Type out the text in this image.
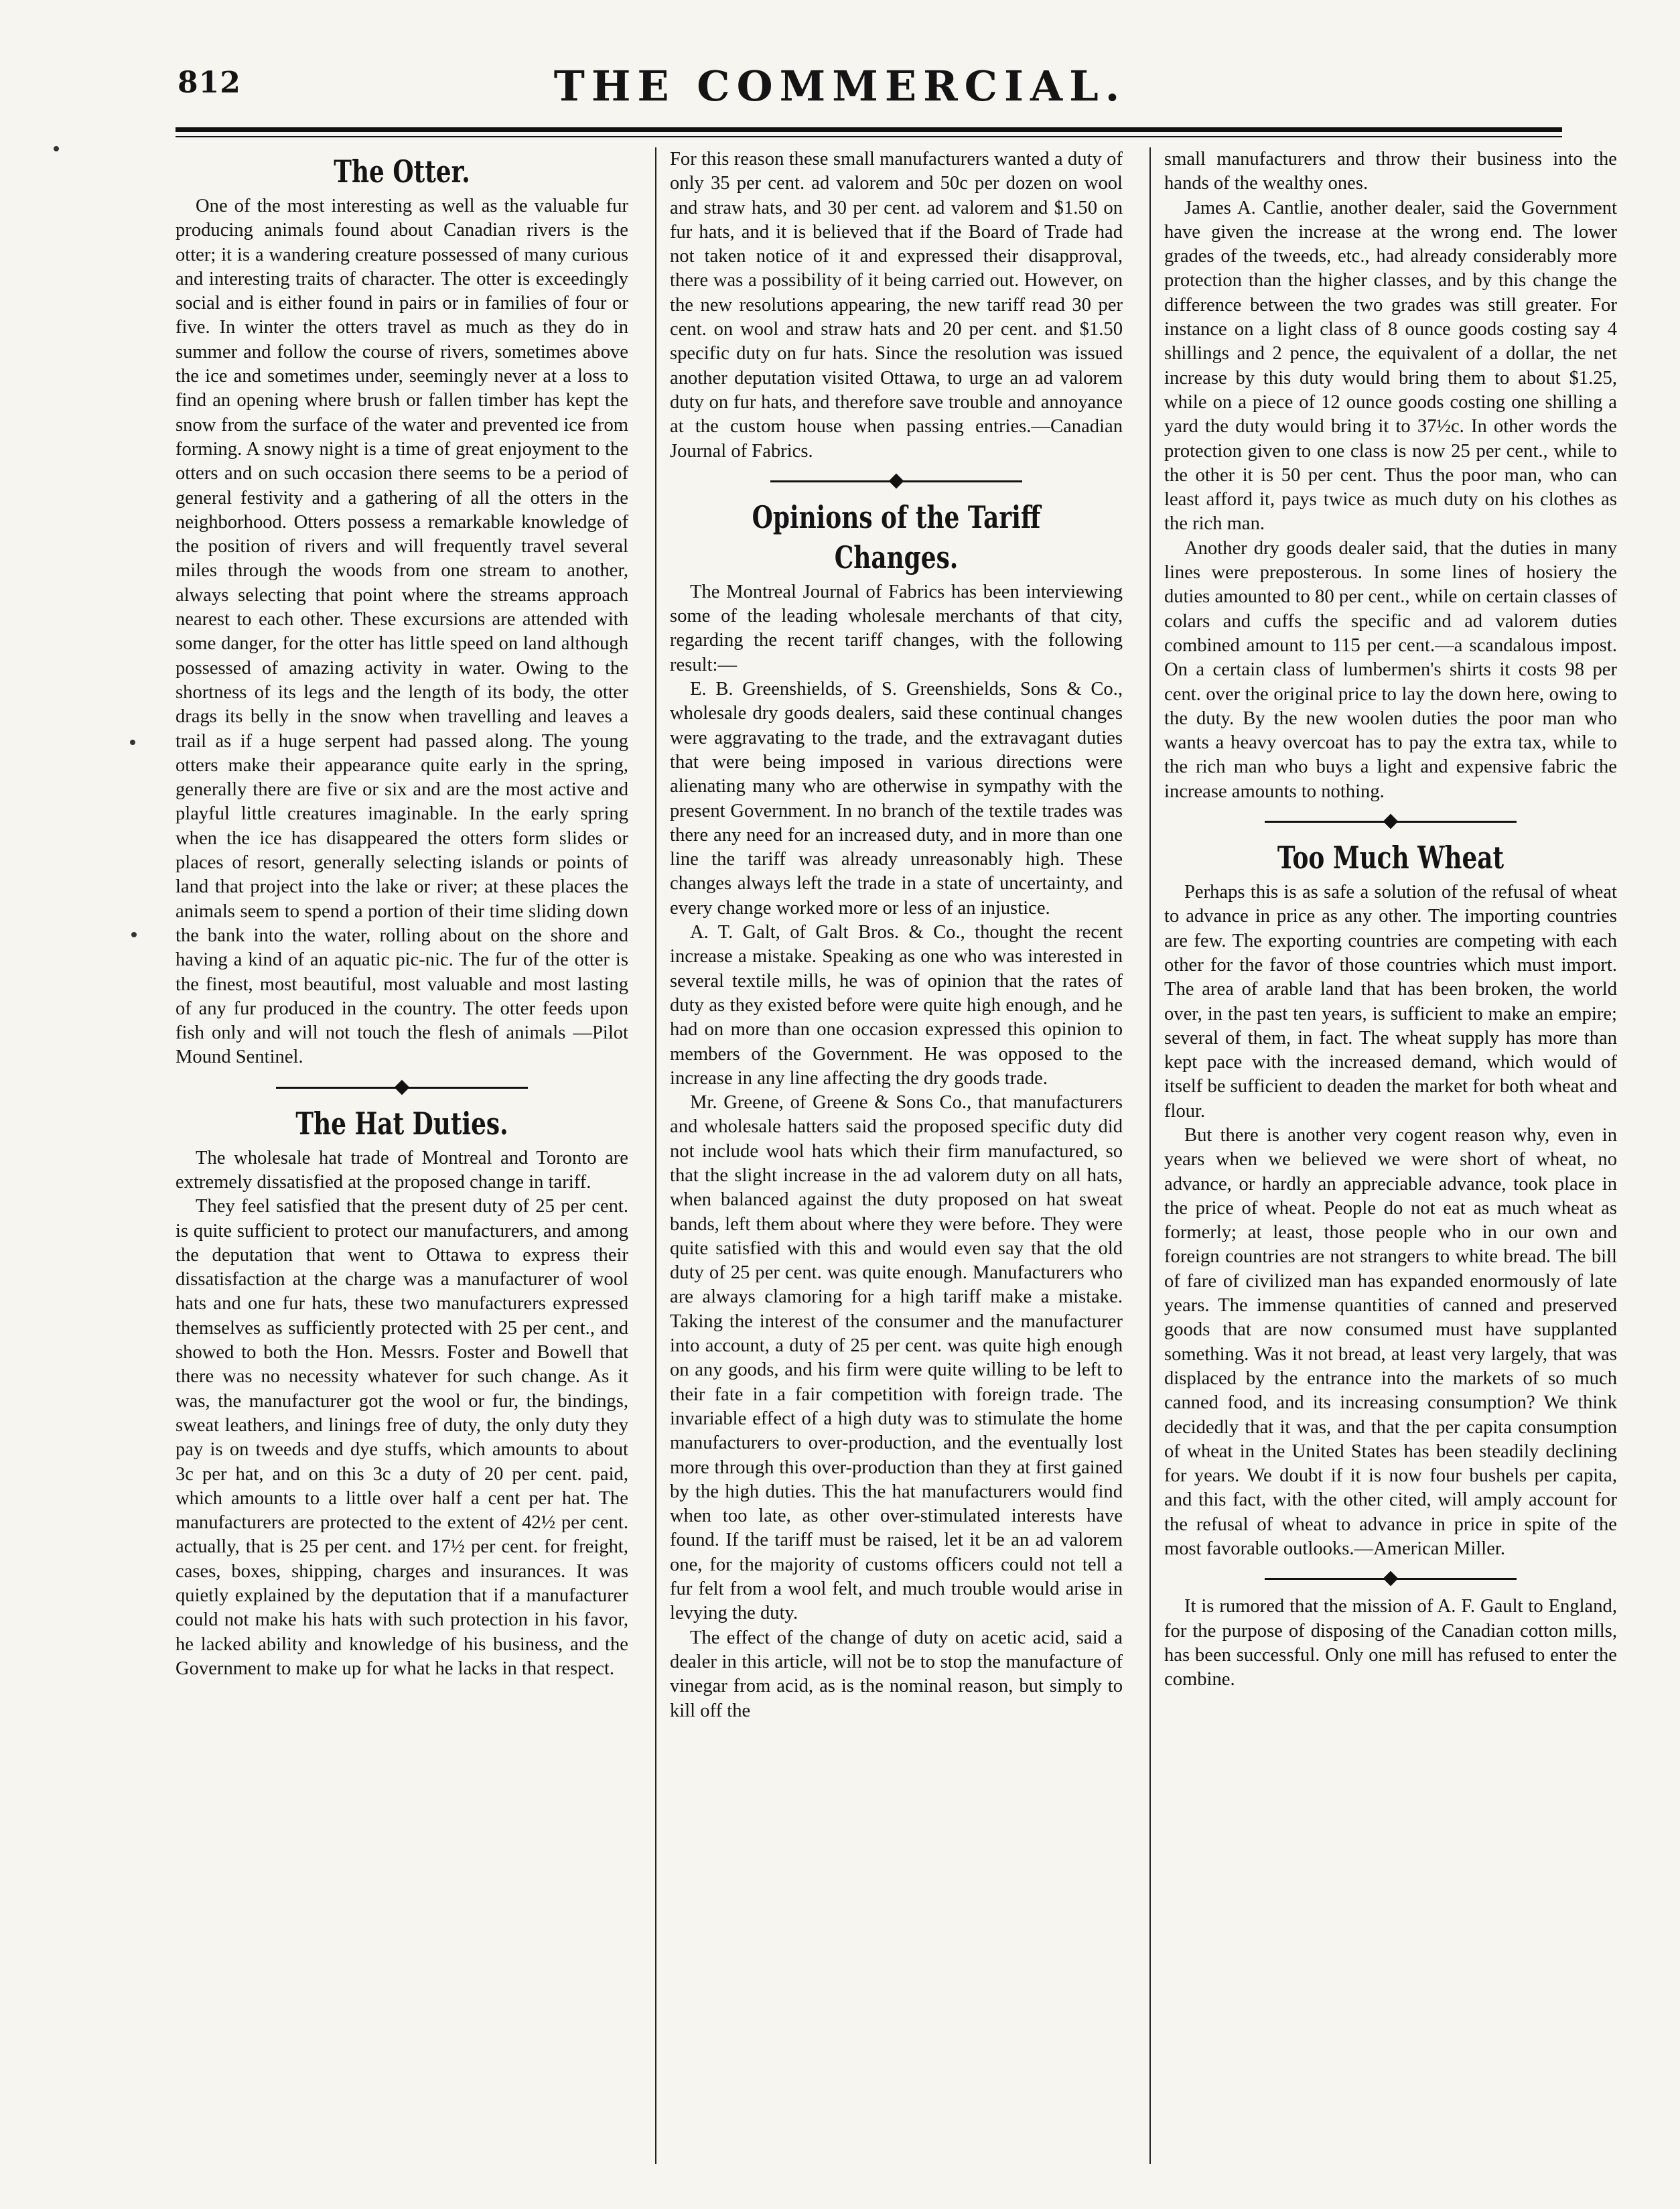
812	THE COMMERCIAL.
The Otter.

One of the most interesting as well as the valuable fur producing animals found about Canadian rivers is the otter; it is a wandering creature possessed of many curious and interesting traits of character. The otter is exceedingly social and is either found in pairs or in families of four or five. In winter the otters travel as much as they do in summer and follow the course of rivers, sometimes above the ice and sometimes under, seemingly never at a loss to find an opening where brush or fallen timber has kept the snow from the surface of the water and prevented ice from forming. A snowy night is a time of great enjoyment to the otters and on such occasion there seems to be a period of general festivity and a gathering of all the otters in the neighborhood. Otters possess a remarkable knowledge of the position of rivers and will frequently travel several miles through the woods from one stream to another, always selecting that point where the streams approach nearest to each other. These excursions are attended with some danger, for the otter has little speed on land although possessed of amazing activity in water. Owing to the shortness of its legs and the length of its body, the otter drags its belly in the snow when travelling and leaves a trail as if a huge serpent had passed along. The young otters make their appearance quite early in the spring, generally there are five or six and are the most active and playful little creatures imaginable. In the early spring when the ice has disappeared the otters form slides or places of resort, generally selecting islands or points of land that project into the lake or river; at these places the animals seem to spend a portion of their time sliding down the bank into the water, rolling about on the shore and having a kind of an aquatic pic-nic. The fur of the otter is the finest, most beautiful, most valuable and most lasting of any fur produced in the country. The otter feeds upon fish only and will not touch the flesh of animals —Pilot Mound Sentinel.

The Hat Duties.

The wholesale hat trade of Montreal and Toronto are extremely dissatisfied at the proposed change in tariff.

They feel satisfied that the present duty of 25 per cent. is quite sufficient to protect our manufacturers, and among the deputation that went to Ottawa to express their dissatisfaction at the charge was a manufacturer of wool hats and one fur hats, these two manufacturers expressed themselves as sufficiently protected with 25 per cent., and showed to both the Hon. Messrs. Foster and Bowell that there was no necessity whatever for such change. As it was, the manufacturer got the wool or fur, the bindings, sweat leathers, and linings free of duty, the only duty they pay is on tweeds and dye stuffs, which amounts to about 3c per hat, and on this 3c a duty of 20 per cent. paid, which amounts to a little over half a cent per hat. The manufacturers are protected to the extent of 42½ per cent. actually, that is 25 per cent. and 17½ per cent. for freight, cases, boxes, shipping, charges and insurances. It was quietly explained by the deputation that if a manufacturer could not make his hats with such protection in his favor, he lacked ability and knowledge of his business, and the Government to make up for what he lacks in that respect.

For this reason these small manufacturers wanted a duty of only 35 per cent. ad valorem and 50c per dozen on wool and straw hats, and 30 per cent. ad valorem and $1.50 on fur hats, and it is believed that if the Board of Trade had not taken notice of it and expressed their disapproval, there was a possibility of it being carried out. However, on the new resolutions appearing, the new tariff read 30 per cent. on wool and straw hats and 20 per cent. and $1.50 specific duty on fur hats. Since the resolution was issued another deputation visited Ottawa, to urge an ad valorem duty on fur hats, and therefore save trouble and annoyance at the custom house when passing entries.—Canadian Journal of Fabrics.

Opinions of the Tariff Changes.

The Montreal Journal of Fabrics has been interviewing some of the leading wholesale merchants of that city, regarding the recent tariff changes, with the following result:—

E. B. Greenshields, of S. Greenshields, Sons & Co., wholesale dry goods dealers, said these continual changes were aggravating to the trade, and the extravagant duties that were being imposed in various directions were alienating many who are otherwise in sympathy with the present Government. In no branch of the textile trades was there any need for an increased duty, and in more than one line the tariff was already unreasonably high. These changes always left the trade in a state of uncertainty, and every change worked more or less of an injustice.

A. T. Galt, of Galt Bros. & Co., thought the recent increase a mistake. Speaking as one who was interested in several textile mills, he was of opinion that the rates of duty as they existed before were quite high enough, and he had on more than one occasion expressed this opinion to members of the Government. He was opposed to the increase in any line affecting the dry goods trade.

Mr. Greene, of Greene & Sons Co., that manufacturers and wholesale hatters said the proposed specific duty did not include wool hats which their firm manufactured, so that the slight increase in the ad valorem duty on all hats, when balanced against the duty proposed on hat sweat bands, left them about where they were before. They were quite satisfied with this and would even say that the old duty of 25 per cent. was quite enough. Manufacturers who are always clamoring for a high tariff make a mistake. Taking the interest of the consumer and the manufacturer into account, a duty of 25 per cent. was quite high enough on any goods, and his firm were quite willing to be left to their fate in a fair competition with foreign trade. The invariable effect of a high duty was to stimulate the home manufacturers to over-production, and the eventually lost more through this over-production than they at first gained by the high duties. This the hat manufacturers would find when too late, as other over-stimulated interests have found. If the tariff must be raised, let it be an ad valorem one, for the majority of customs officers could not tell a fur felt from a wool felt, and much trouble would arise in levying the duty.

The effect of the change of duty on acetic acid, said a dealer in this article, will not be to stop the manufacture of vinegar from acid, as is the nominal reason, but simply to kill off the

small manufacturers and throw their business into the hands of the wealthy ones.

James A. Cantlie, another dealer, said the Government have given the increase at the wrong end. The lower grades of the tweeds, etc., had already considerably more protection than the higher classes, and by this change the difference between the two grades was still greater. For instance on a light class of 8 ounce goods costing say 4 shillings and 2 pence, the equivalent of a dollar, the net increase by this duty would bring them to about $1.25, while on a piece of 12 ounce goods costing one shilling a yard the duty would bring it to 37½c. In other words the protection given to one class is now 25 per cent., while to the other it is 50 per cent. Thus the poor man, who can least afford it, pays twice as much duty on his clothes as the rich man.

Another dry goods dealer said, that the duties in many lines were preposterous. In some lines of hosiery the duties amounted to 80 per cent., while on certain classes of colars and cuffs the specific and ad valorem duties combined amount to 115 per cent.—a scandalous impost. On a certain class of lumbermen's shirts it costs 98 per cent. over the original price to lay the down here, owing to the duty. By the new woolen duties the poor man who wants a heavy overcoat has to pay the extra tax, while to the rich man who buys a light and expensive fabric the increase amounts to nothing.

Too Much Wheat

Perhaps this is as safe a solution of the refusal of wheat to advance in price as any other. The importing countries are few. The exporting countries are competing with each other for the favor of those countries which must import. The area of arable land that has been broken, the world over, in the past ten years, is sufficient to make an empire; several of them, in fact. The wheat supply has more than kept pace with the increased demand, which would of itself be sufficient to deaden the market for both wheat and flour.

But there is another very cogent reason why, even in years when we believed we were short of wheat, no advance, or hardly an appreciable advance, took place in the price of wheat. People do not eat as much wheat as formerly; at least, those people who in our own and foreign countries are not strangers to white bread. The bill of fare of civilized man has expanded enormously of late years. The immense quantities of canned and preserved goods that are now consumed must have supplanted something. Was it not bread, at least very largely, that was displaced by the entrance into the markets of so much canned food, and its increasing consumption? We think decidedly that it was, and that the per capita consumption of wheat in the United States has been steadily declining for years. We doubt if it is now four bushels per capita, and this fact, with the other cited, will amply account for the refusal of wheat to advance in price in spite of the most favorable outlooks.—American Miller.

It is rumored that the mission of A. F. Gault to England, for the purpose of disposing of the Canadian cotton mills, has been successful. Only one mill has refused to enter the combine.
